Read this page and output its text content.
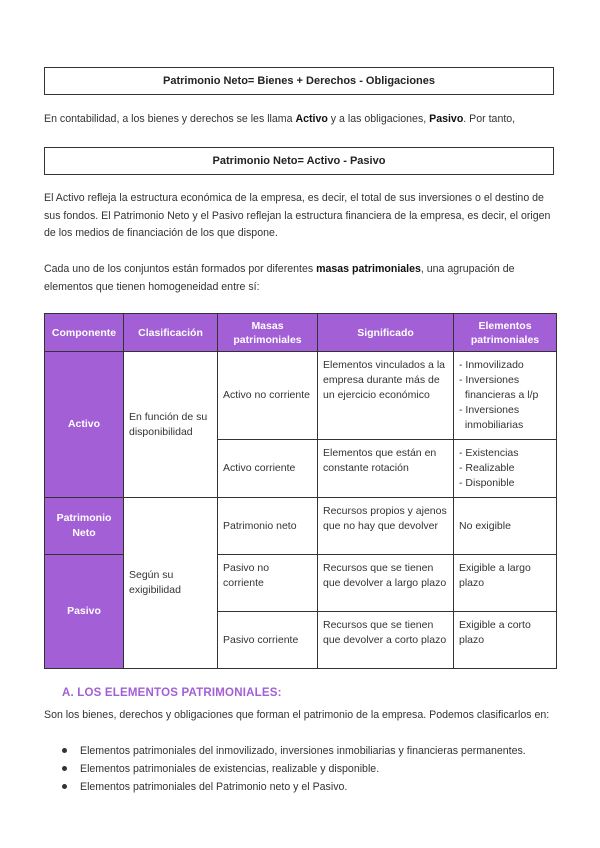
Patrimonio Neto= Bienes + Derechos - Obligaciones
En contabilidad, a los bienes y derechos se les llama Activo y a las obligaciones, Pasivo. Por tanto,
Patrimonio Neto= Activo - Pasivo
El Activo refleja la estructura económica de la empresa, es decir, el total de sus inversiones o el destino de sus fondos. El Patrimonio Neto y el Pasivo reflejan la estructura financiera de la empresa, es decir, el origen de los medios de financiación de los que dispone.
Cada uno de los conjuntos están formados por diferentes masas patrimoniales, una agrupación de elementos que tienen homogeneidad entre sí:
Componente	Clasificación	Masas patrimoniales	Significado	Elementos patrimoniales
Activo	En función de su disponibilidad	Activo no corriente	Elementos vinculados a la empresa durante más de un ejercicio económico	- Inmovilizado
- Inversiones
financieras a l/p
- Inversiones
inmobiliarias

		Activo corriente	Elementos que están en constante rotación	- Existencias
- Realizable
- Disponible

Patrimonio Neto	Según su exigibilidad	Patrimonio neto	Recursos propios y ajenos que no hay que devolver	No exigible
Pasivo		Pasivo no corriente	Recursos que se tienen que devolver a largo plazo	Exigible a largo plazo
		Pasivo corriente	Recursos que se tienen que devolver a corto plazo	Exigible a corto plazo
A. LOS ELEMENTOS PATRIMONIALES:
Son los bienes, derechos y obligaciones que forman el patrimonio de la empresa. Podemos clasificarlos en:
Elementos patrimoniales del inmovilizado, inversiones inmobiliarias y financieras permanentes.
Elementos patrimoniales de existencias, realizable y disponible.
Elementos patrimoniales del Patrimonio neto y el Pasivo.
